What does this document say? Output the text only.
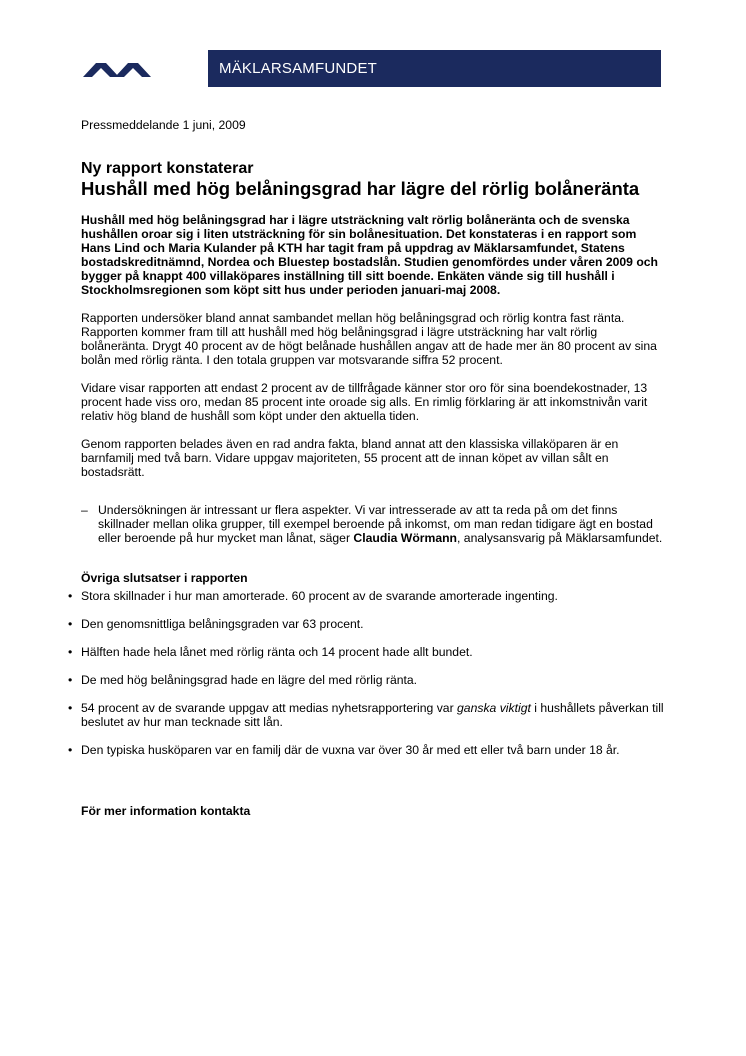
MÄKLARSAMFUNDET

Pressmeddelande 1 juni, 2009

Ny rapport konstaterar
Hushåll med hög belåningsgrad har lägre del rörlig bolåneränta

Hushåll med hög belåningsgrad har i lägre utsträckning valt rörlig bolåneränta och de svenska hushållen oroar sig i liten utsträckning för sin bolånesituation. Det konstateras i en rapport som Hans Lind och Maria Kulander på KTH har tagit fram på uppdrag av Mäklarsamfundet, Statens bostadskreditnämnd, Nordea och Bluestep bostadslån. Studien genomfördes under våren 2009 och bygger på knappt 400 villaköpares inställning till sitt boende. Enkäten vände sig till hushåll i Stockholmsregionen som köpt sitt hus under perioden januari-maj 2008.

Rapporten undersöker bland annat sambandet mellan hög belåningsgrad och rörlig kontra fast ränta. Rapporten kommer fram till att hushåll med hög belåningsgrad i lägre utsträckning har valt rörlig bolåneränta. Drygt 40 procent av de högt belånade hushållen angav att de hade mer än 80 procent av sina bolån med rörlig ränta. I den totala gruppen var motsvarande siffra 52 procent.

Vidare visar rapporten att endast 2 procent av de tillfrågade känner stor oro för sina boendekostnader, 13 procent hade viss oro, medan 85 procent inte oroade sig alls. En rimlig förklaring är att inkomstnivån varit relativ hög bland de hushåll som köpt under den aktuella tiden.

Genom rapporten belades även en rad andra fakta, bland annat att den klassiska villaköparen är en barnfamilj med två barn. Vidare uppgav majoriteten, 55 procent att de innan köpet av villan sålt en bostadsrätt.

– Undersökningen är intressant ur flera aspekter. Vi var intresserade av att ta reda på om det finns skillnader mellan olika grupper, till exempel beroende på inkomst, om man redan tidigare ägt en bostad eller beroende på hur mycket man lånat, säger Claudia Wörmann, analysansvarig på Mäklarsamfundet.

Övriga slutsatser i rapporten

• Stora skillnader i hur man amorterade. 60 procent av de svarande amorterade ingenting.
• Den genomsnittliga belåningsgraden var 63 procent.
• Hälften hade hela lånet med rörlig ränta och 14 procent hade allt bundet.
• De med hög belåningsgrad hade en lägre del med rörlig ränta.
• 54 procent av de svarande uppgav att medias nyhetsrapportering var ganska viktigt i hushållets påverkan till beslutet av hur man tecknade sitt lån.
• Den typiska husköparen var en familj där de vuxna var över 30 år med ett eller två barn under 18 år.

För mer information kontakta
